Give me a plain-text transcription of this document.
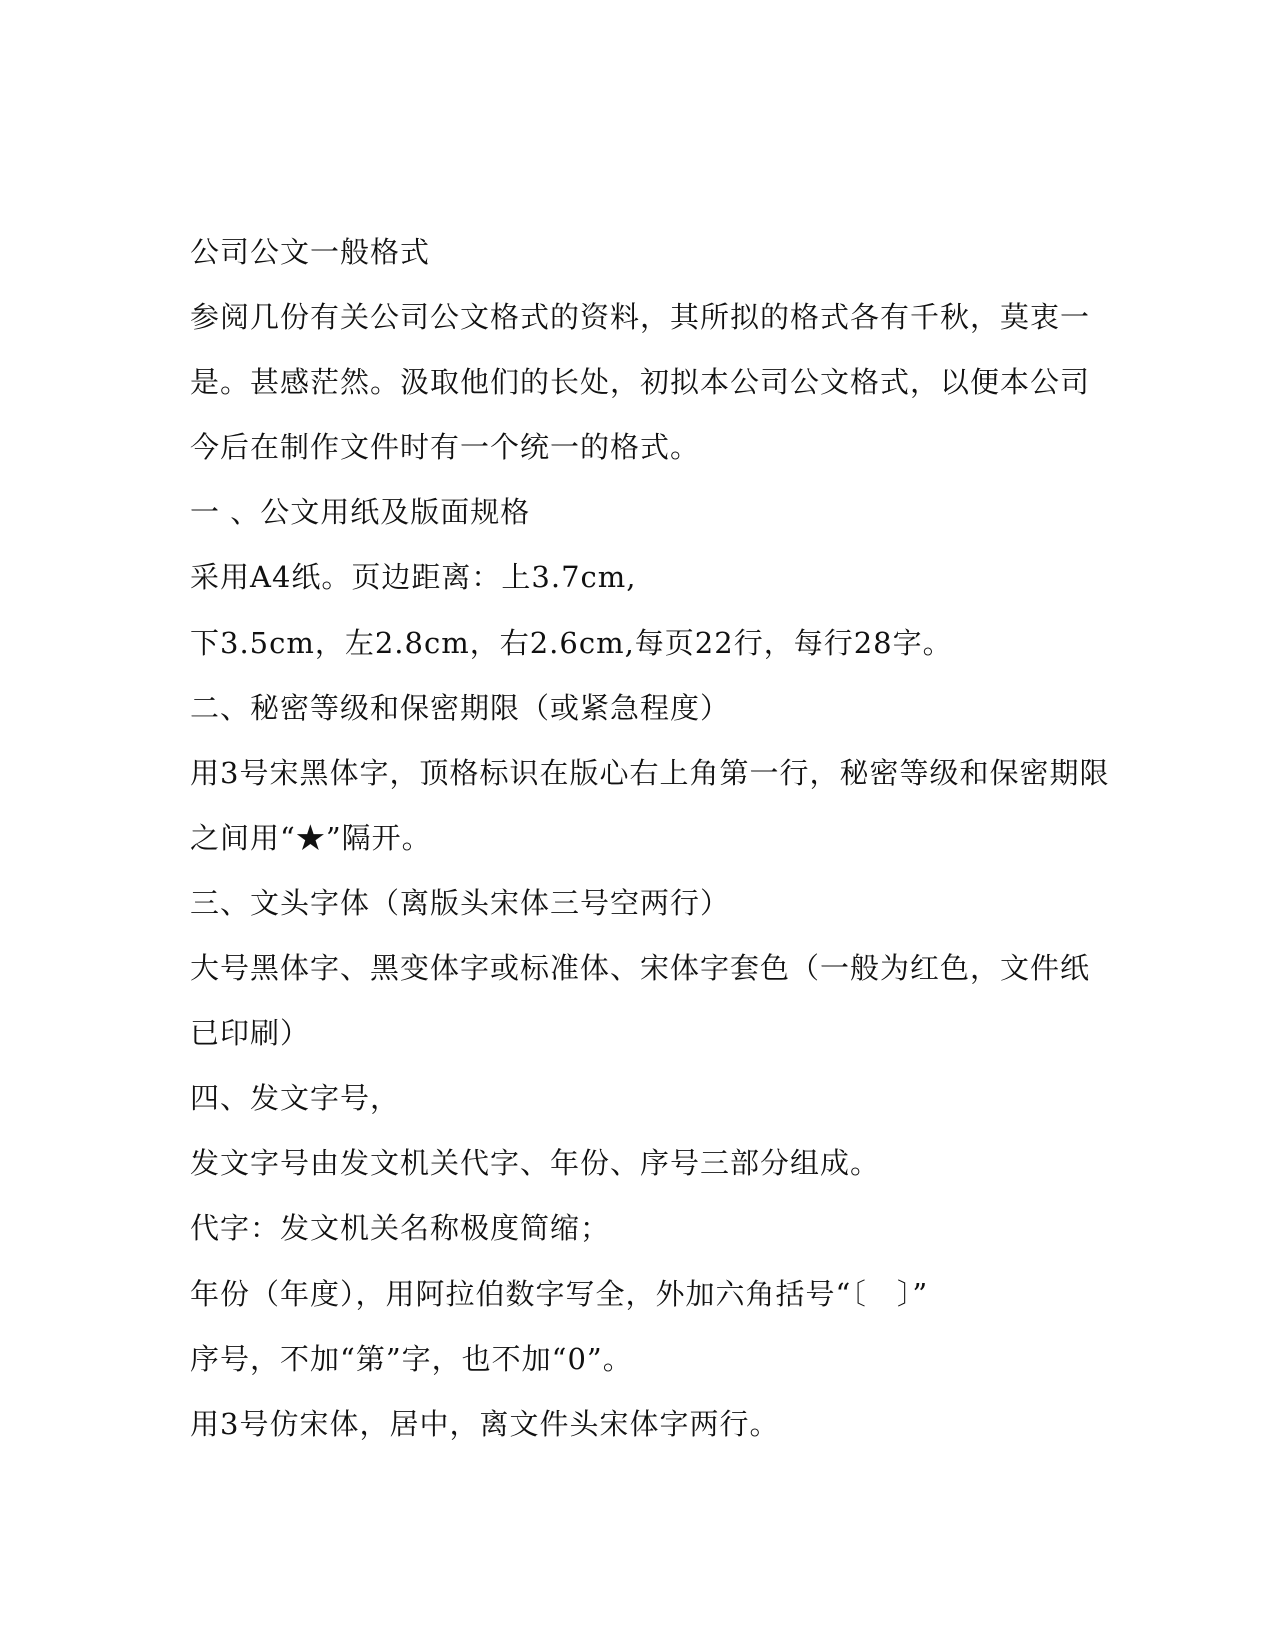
公司公文一般格式
参阅几份有关公司公文格式的资料，其所拟的格式各有千秋，莫衷一
是。甚感茫然。汲取他们的长处，初拟本公司公文格式，以便本公司
今后在制作文件时有一个统一的格式。
一 、公文用纸及版面规格
采用A4纸。页边距离：上3.7cm,
下3.5cm，左2.8cm，右2.6cm,每页22行，每行28字。
二、秘密等级和保密期限（或紧急程度）
用3号宋黑体字，顶格标识在版心右上角第一行，秘密等级和保密期限
之间用“★”隔开。
三、文头字体（离版头宋体三号空两行）
大号黑体字、黑变体字或标准体、宋体字套色（一般为红色，文件纸
已印刷）
四、发文字号，
发文字号由发文机关代字、年份、序号三部分组成。
代字：发文机关名称极度简缩；
年份（年度），用阿拉伯数字写全，外加六角括号“〔　〕”
序号，不加“第”字，也不加“0”。
用3号仿宋体，居中，离文件头宋体字两行。
